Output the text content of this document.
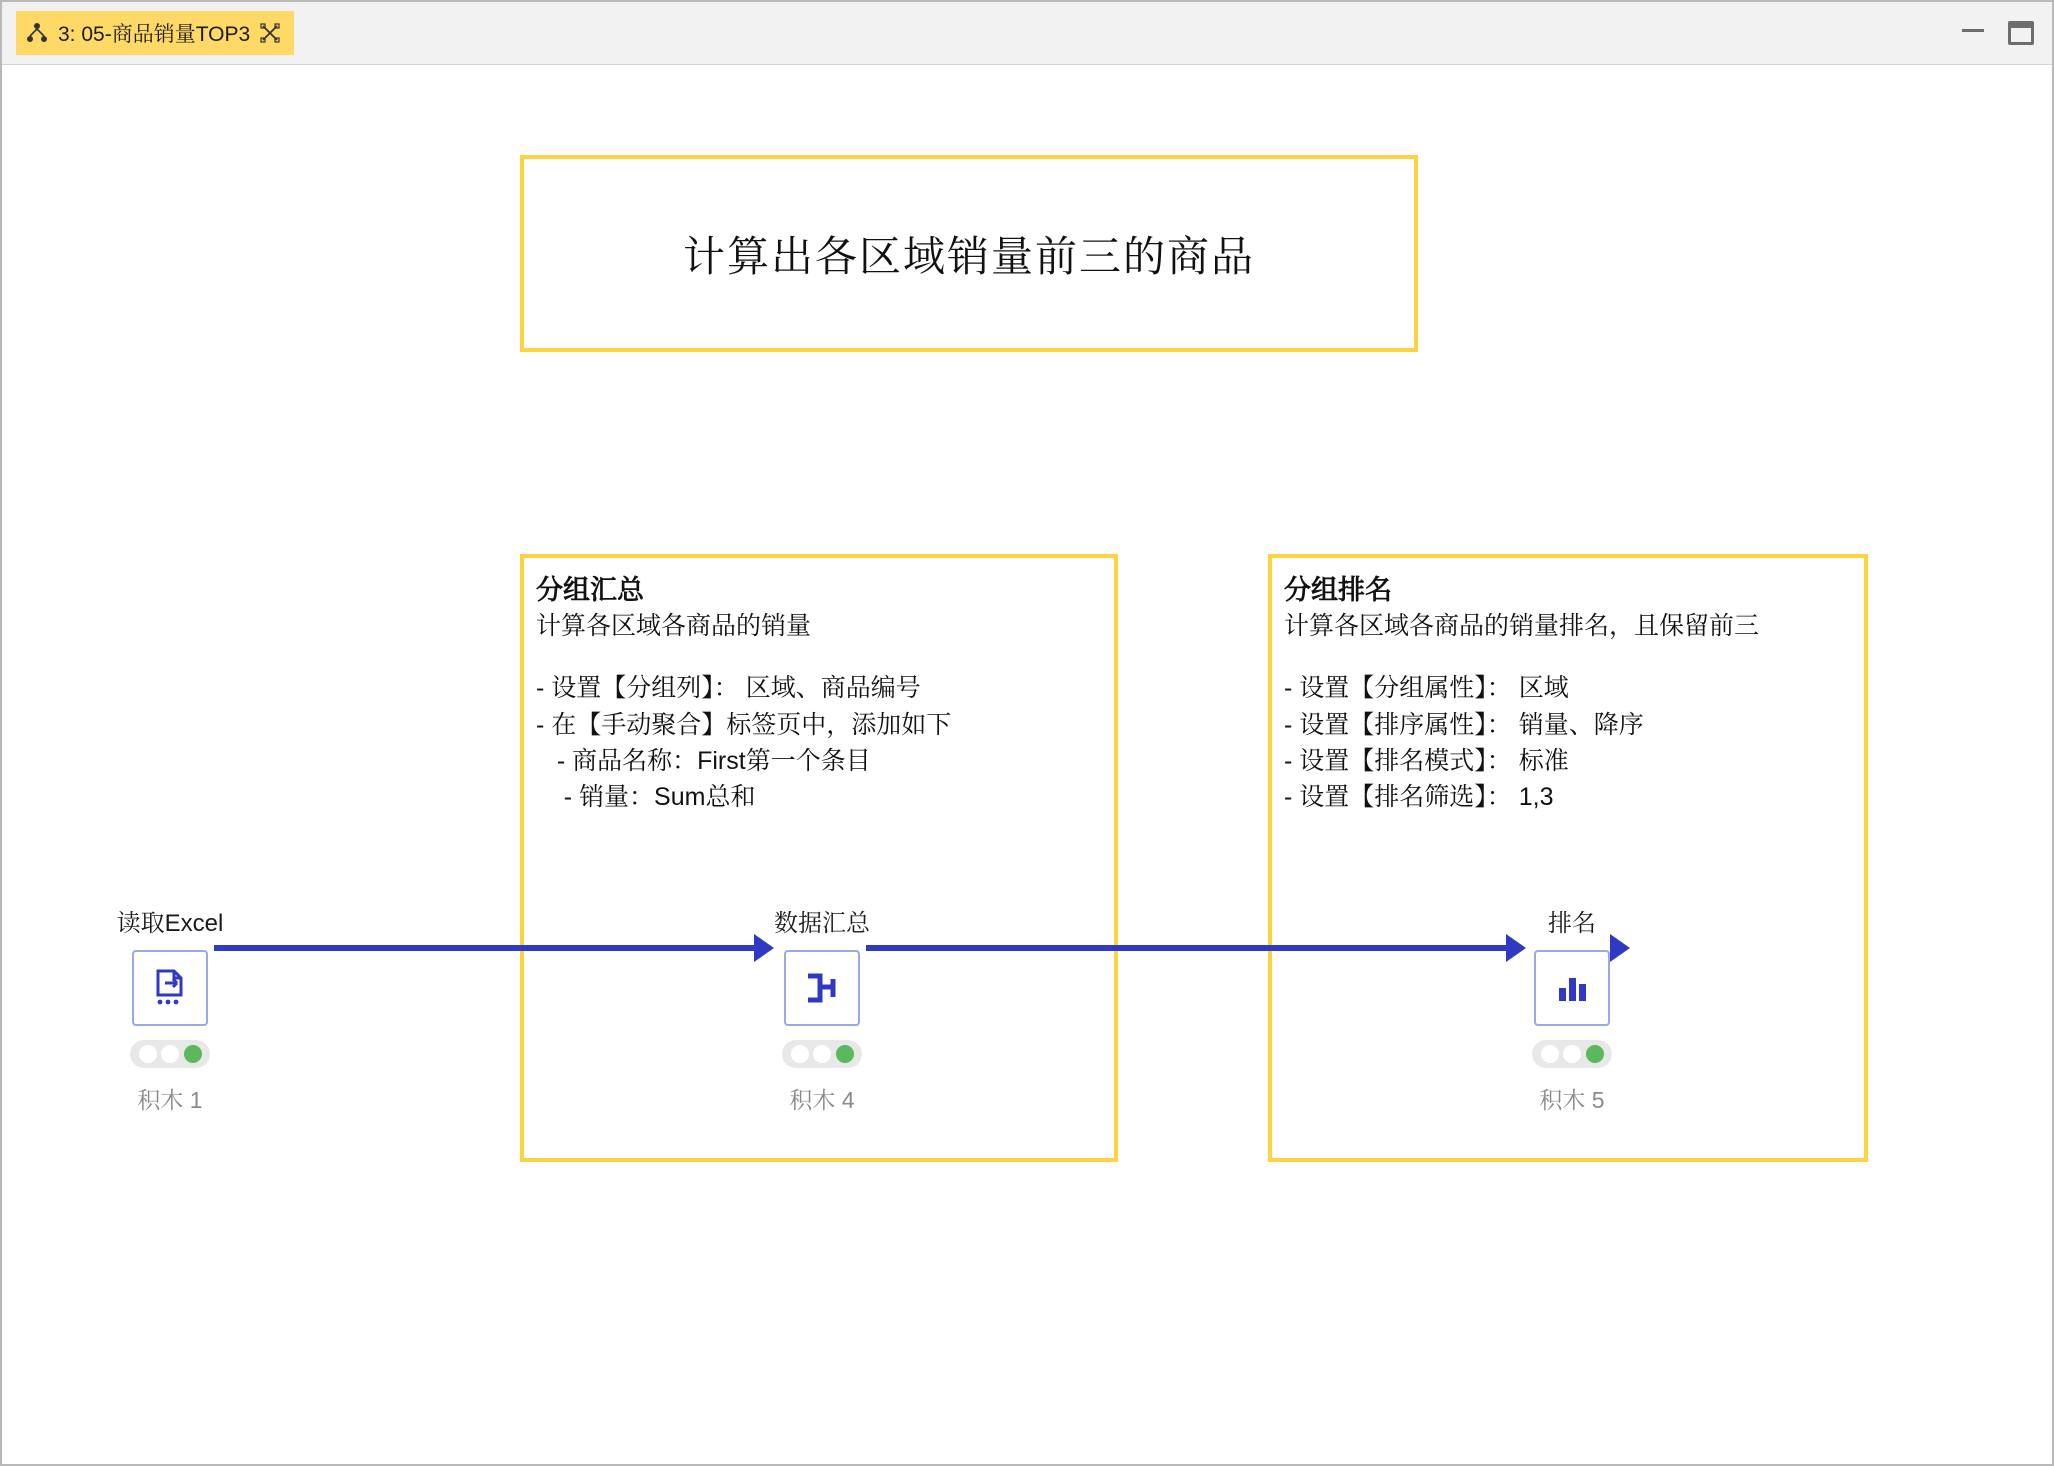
3: 05-商品销量TOP3
计算出各区域销量前三的商品
分组汇总
计算各区域各商品的销量
- 设置【分组列】： 区域、商品编号
- 在【手动聚合】标签页中，添加如下
- 商品名称：First第一个条目
- 销量：Sum总和
分组排名
计算各区域各商品的销量排名，且保留前三
- 设置【分组属性】： 区域
- 设置【排序属性】： 销量、降序
- 设置【排名模式】： 标准
- 设置【排名筛选】： 1,3
读取Excel
积木 1
数据汇总
积木 4
排名
积木 5
